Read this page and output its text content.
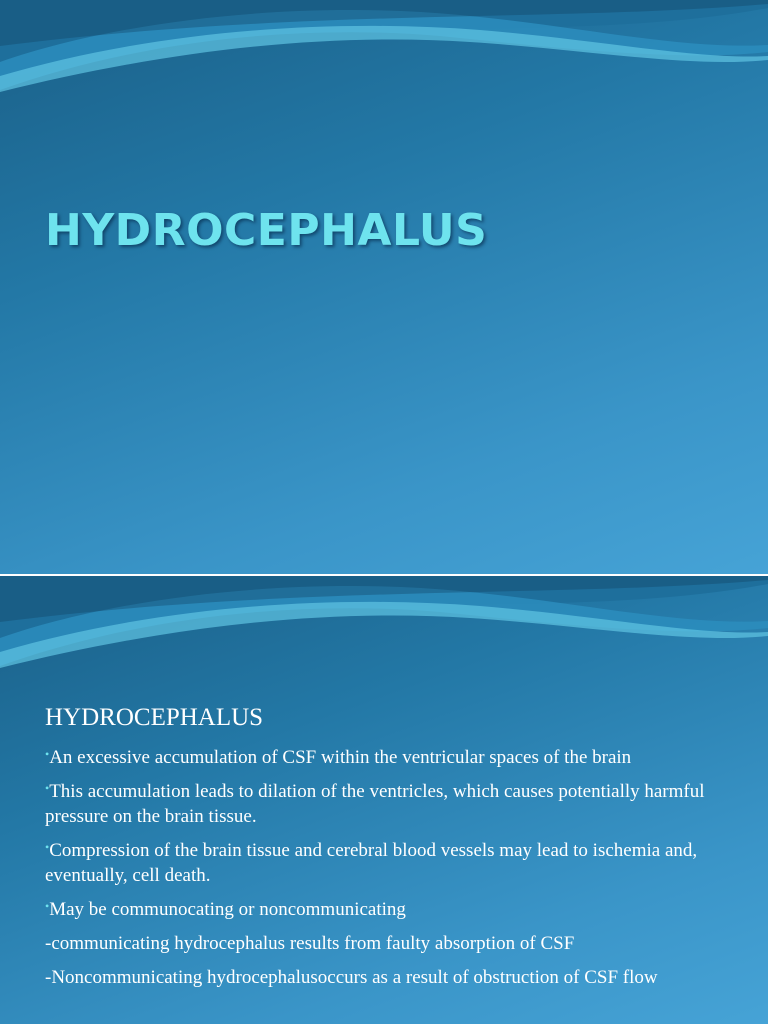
HYDROCEPHALUS
HYDROCEPHALUS
•An excessive accumulation of CSF within the ventricular spaces of the brain
•This accumulation leads to dilation of the ventricles, which causes potentially harmful pressure on the brain tissue.
•Compression of the brain tissue and cerebral blood vessels may lead to ischemia and, eventually, cell death.
•May be communocating or noncommunicating
-communicating hydrocephalus results from faulty absorption of CSF
-Noncommunicating hydrocephalusoccurs as a result of obstruction of CSF flow
